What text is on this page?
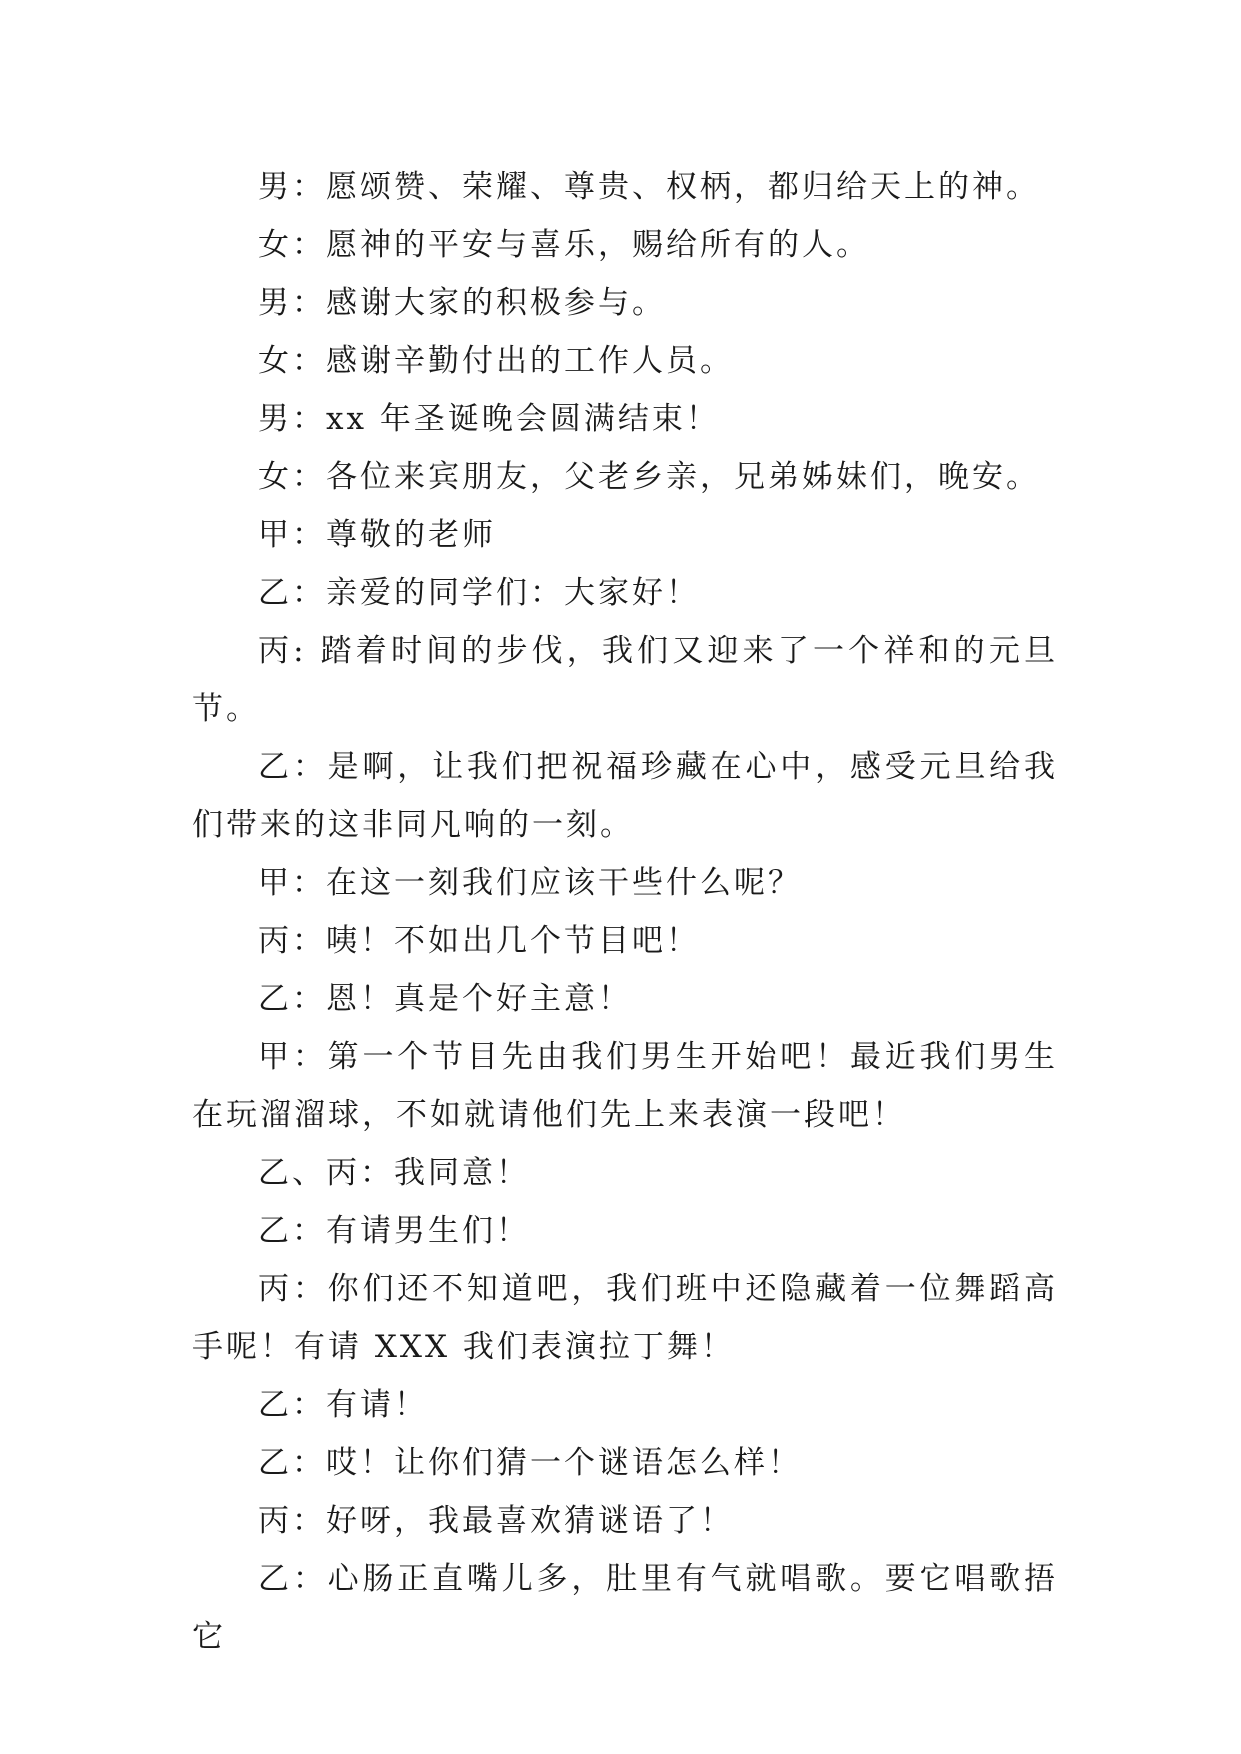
男：愿颂赞、荣耀、尊贵、权柄，都归给天上的神。

女：愿神的平安与喜乐，赐给所有的人。

男：感谢大家的积极参与。

女：感谢辛勤付出的工作人员。

男：xx 年圣诞晚会圆满结束！

女：各位来宾朋友，父老乡亲，兄弟姊妹们，晚安。

甲：尊敬的老师

乙：亲爱的同学们：大家好！

丙: 踏着时间的步伐，我们又迎来了一个祥和的元旦节。

乙：是啊，让我们把祝福珍藏在心中，感受元旦给我们带来的这非同凡响的一刻。

甲：在这一刻我们应该干些什么呢？

丙：咦！不如出几个节目吧！

乙：恩！真是个好主意！

甲：第一个节目先由我们男生开始吧！最近我们男生在玩溜溜球，不如就请他们先上来表演一段吧！

乙、丙：我同意！

乙：有请男生们！

丙：你们还不知道吧，我们班中还隐藏着一位舞蹈高手呢！有请 XXX 我们表演拉丁舞！

乙：有请！

乙：哎！让你们猜一个谜语怎么样！

丙：好呀，我最喜欢猜谜语了！

乙：心肠正直嘴儿多，肚里有气就唱歌。要它唱歌捂它
